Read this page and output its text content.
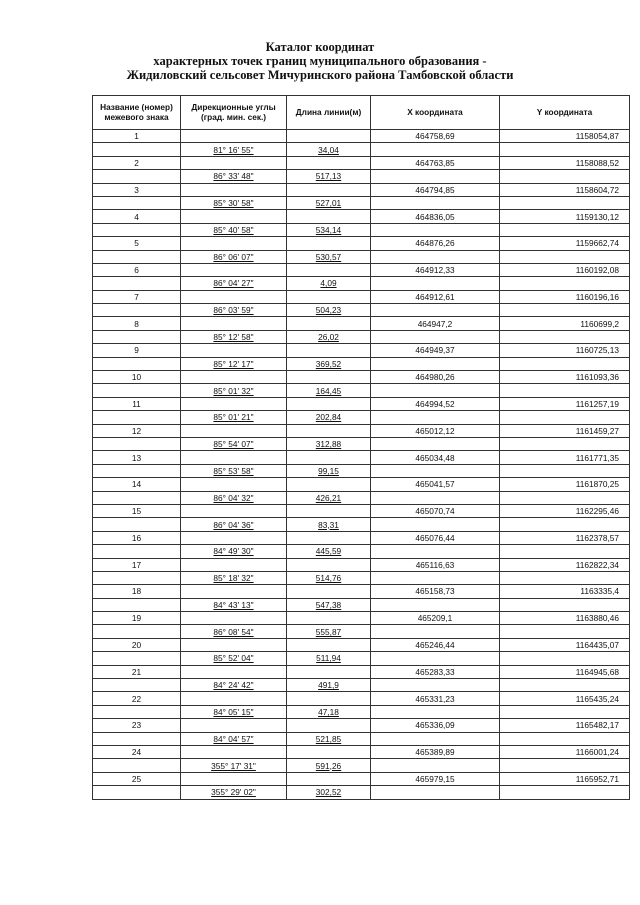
Каталог координат
характерных точек границ муниципального образования -
Жидиловский сельсовет Мичуринского района Тамбовской области
Название (номер) межевого знака	Дирекционные углы (град. мин. сек.)	Длина линии(м)	X координата	Y координата
1			464758,69	1158054,87
	81° 16' 55"	34,04		
2			464763,85	1158088,52
	86° 33' 48"	517,13		
3			464794,85	1158604,72
	85° 30' 58"	527,01		
4			464836,05	1159130,12
	85° 40' 58"	534,14		
5			464876,26	1159662,74
	86° 06' 07"	530,57		
6			464912,33	1160192,08
	86° 04' 27"	4,09		
7			464912,61	1160196,16
	86° 03' 59"	504,23		
8			464947,2	1160699,2
	85° 12' 58"	26,02		
9			464949,37	1160725,13
	85° 12' 17"	369,52		
10			464980,26	1161093,36
	85° 01' 32"	164,45		
11			464994,52	1161257,19
	85° 01' 21"	202,84		
12			465012,12	1161459,27
	85° 54' 07"	312,88		
13			465034,48	1161771,35
	85° 53' 58"	99,15		
14			465041,57	1161870,25
	86° 04' 32"	426,21		
15			465070,74	1162295,46
	86° 04' 36"	83,31		
16			465076,44	1162378,57
	84° 49' 30"	445,59		
17			465116,63	1162822,34
	85° 18' 32"	514,76		
18			465158,73	1163335,4
	84° 43' 13"	547,38		
19			465209,1	1163880,46
	86° 08' 54"	555,87		
20			465246,44	1164435,07
	85° 52' 04"	511,94		
21			465283,33	1164945,68
	84° 24' 42"	491,9		
22			465331,23	1165435,24
	84° 05' 15"	47,18		
23			465336,09	1165482,17
	84° 04' 57"	521,85		
24			465389,89	1166001,24
	355° 17' 31"	591,26		
25			465979,15	1165952,71
	355° 29' 02"	302,52		
